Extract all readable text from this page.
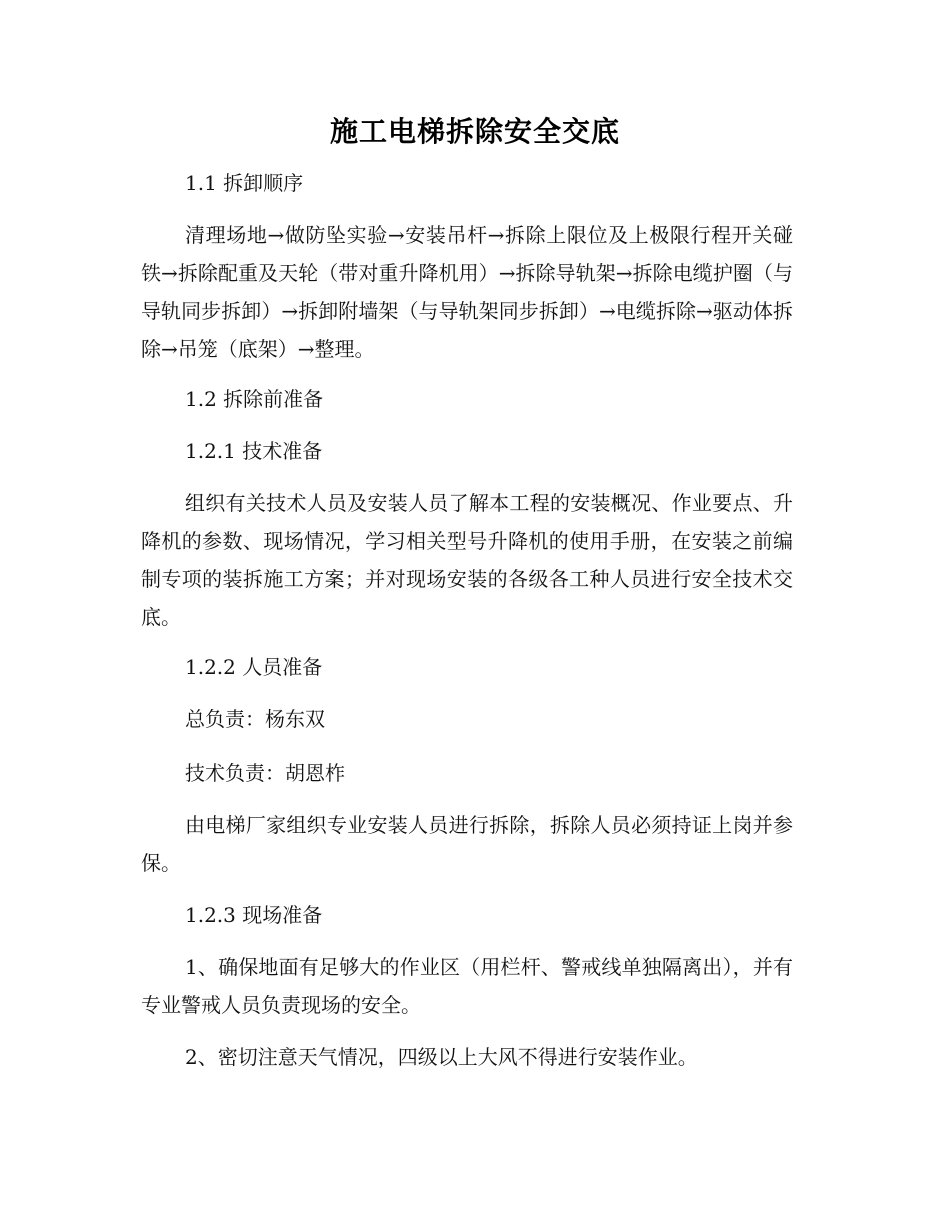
施工电梯拆除安全交底

1.1 拆卸顺序

清理场地→做防坠实验→安装吊杆→拆除上限位及上极限行程开关碰铁→拆除配重及天轮（带对重升降机用）→拆除导轨架→拆除电缆护圈（与导轨同步拆卸）→拆卸附墙架（与导轨架同步拆卸）→电缆拆除→驱动体拆除→吊笼（底架）→整理。

1.2 拆除前准备

1.2.1 技术准备

组织有关技术人员及安装人员了解本工程的安装概况、作业要点、升降机的参数、现场情况，学习相关型号升降机的使用手册，在安装之前编制专项的装拆施工方案；并对现场安装的各级各工种人员进行安全技术交底。

1.2.2 人员准备

总负责：杨东双

技术负责：胡恩柞

由电梯厂家组织专业安装人员进行拆除，拆除人员必须持证上岗并参保。

1.2.3 现场准备

1、确保地面有足够大的作业区（用栏杆、警戒线单独隔离出），并有专业警戒人员负责现场的安全。

2、密切注意天气情况，四级以上大风不得进行安装作业。
